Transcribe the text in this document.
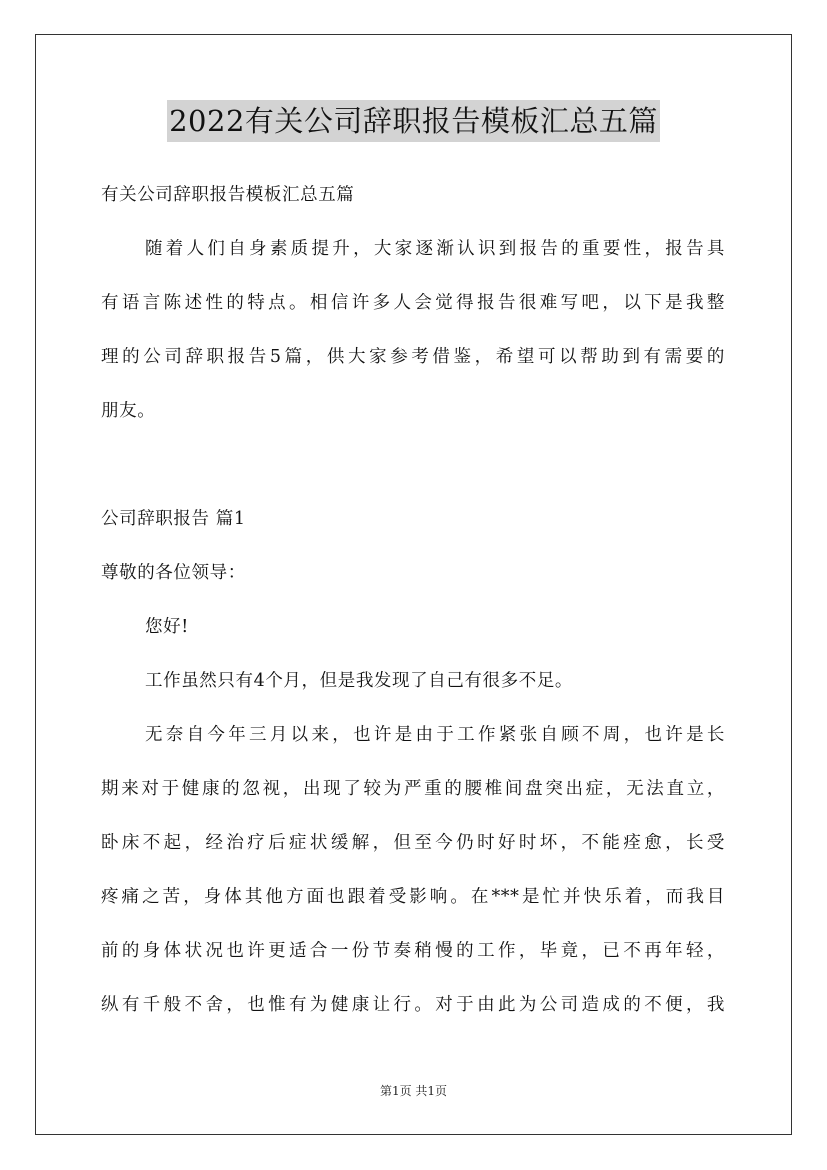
2022有关公司辞职报告模板汇总五篇
有关公司辞职报告模板汇总五篇
随着人们自身素质提升，大家逐渐认识到报告的重要性，报告具
有语言陈述性的特点。相信许多人会觉得报告很难写吧，以下是我整
理的公司辞职报告5篇，供大家参考借鉴，希望可以帮助到有需要的
朋友。
公司辞职报告 篇1
尊敬的各位领导：
您好!
工作虽然只有4个月，但是我发现了自己有很多不足。
无奈自今年三月以来，也许是由于工作紧张自顾不周，也许是长
期来对于健康的忽视，出现了较为严重的腰椎间盘突出症，无法直立，
卧床不起，经治疗后症状缓解，但至今仍时好时坏，不能痊愈，长受
疼痛之苦，身体其他方面也跟着受影响。在***是忙并快乐着，而我目
前的身体状况也许更适合一份节奏稍慢的工作，毕竟，已不再年轻，
纵有千般不舍，也惟有为健康让行。对于由此为公司造成的不便，我
第1页 共1页
